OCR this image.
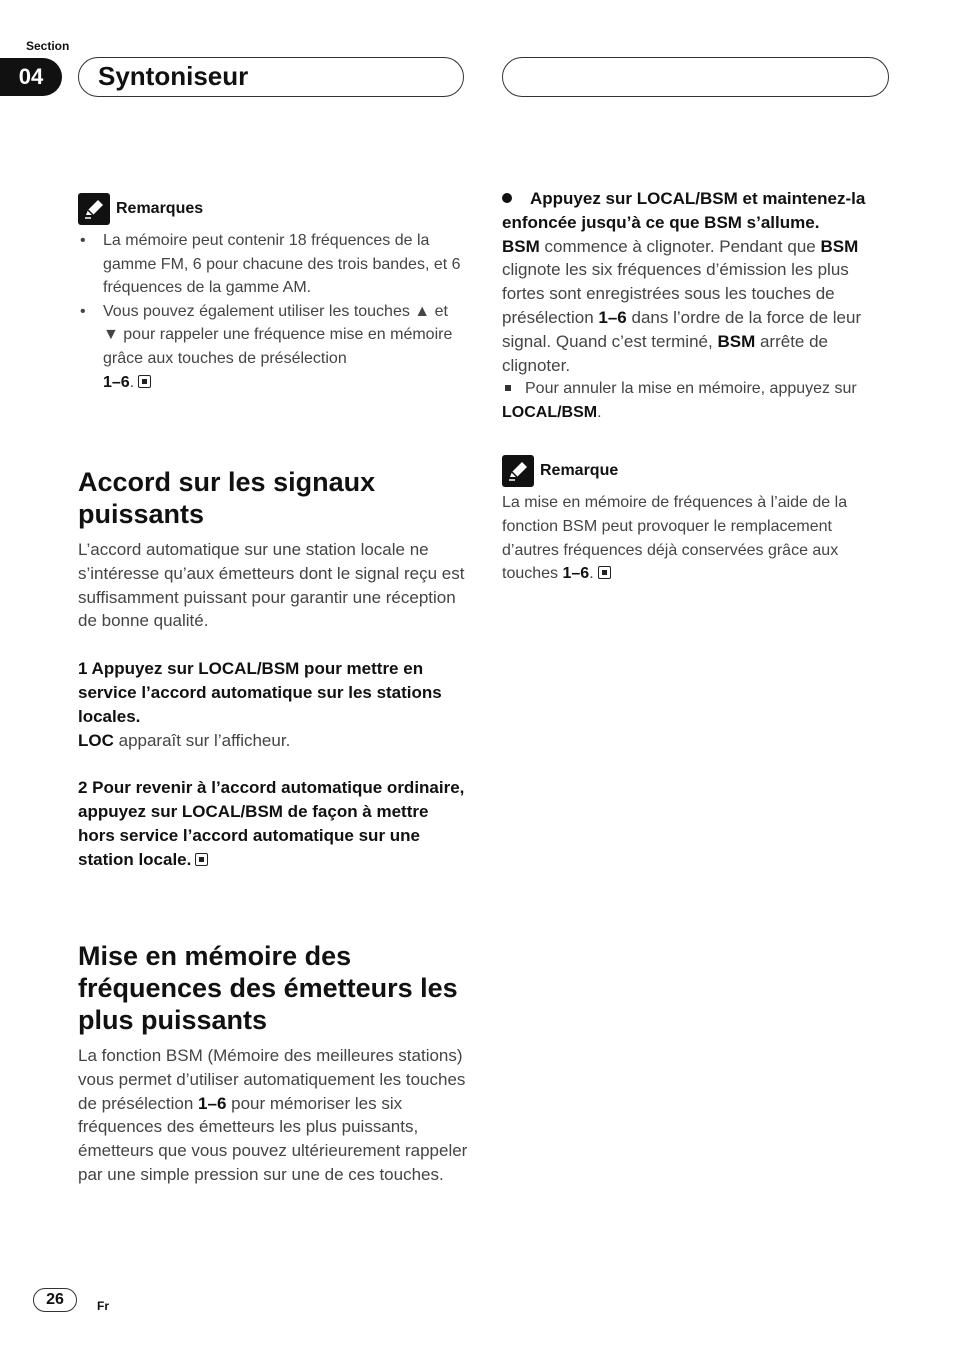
Section
04	Syntoniseur
Remarques
• La mémoire peut contenir 18 fréquences de la gamme FM, 6 pour chacune des trois bandes, et 6 fréquences de la gamme AM.
• Vous pouvez également utiliser les touches ▲ et ▼ pour rappeler une fréquence mise en mémoire grâce aux touches de présélection
1–6.
Accord sur les signaux puissants

L’accord automatique sur une station locale ne s’intéresse qu’aux émetteurs dont le signal reçu est suffisamment puissant pour garantir une réception de bonne qualité.

1 Appuyez sur LOCAL/BSM pour mettre en service l’accord automatique sur les stations locales.

LOC apparaît sur l’afficheur.

2 Pour revenir à l’accord automatique ordinaire, appuyez sur LOCAL/BSM de façon à mettre hors service l’accord automatique sur une station locale.

Mise en mémoire des fréquences des émetteurs les plus puissants

La fonction BSM (Mémoire des meilleures stations) vous permet d’utiliser automatiquement les touches de présélection 1–6 pour mémoriser les six fréquences des émetteurs les plus puissants, émetteurs que vous pouvez ultérieurement rappeler par une simple pression sur une de ces touches.

Appuyez sur LOCAL/BSM et maintenez-la enfoncée jusqu’à ce que BSM s’allume.

BSM commence à clignoter. Pendant que BSM clignote les six fréquences d’émission les plus fortes sont enregistrées sous les touches de présélection 1–6 dans l’ordre de la force de leur signal. Quand c’est terminé, BSM arrête de clignoter.

Pour annuler la mise en mémoire, appuyez sur LOCAL/BSM.

Remarque

La mise en mémoire de fréquences à l’aide de la fonction BSM peut provoquer le remplacement d’autres fréquences déjà conservées grâce aux touches 1–6.

26	Fr
